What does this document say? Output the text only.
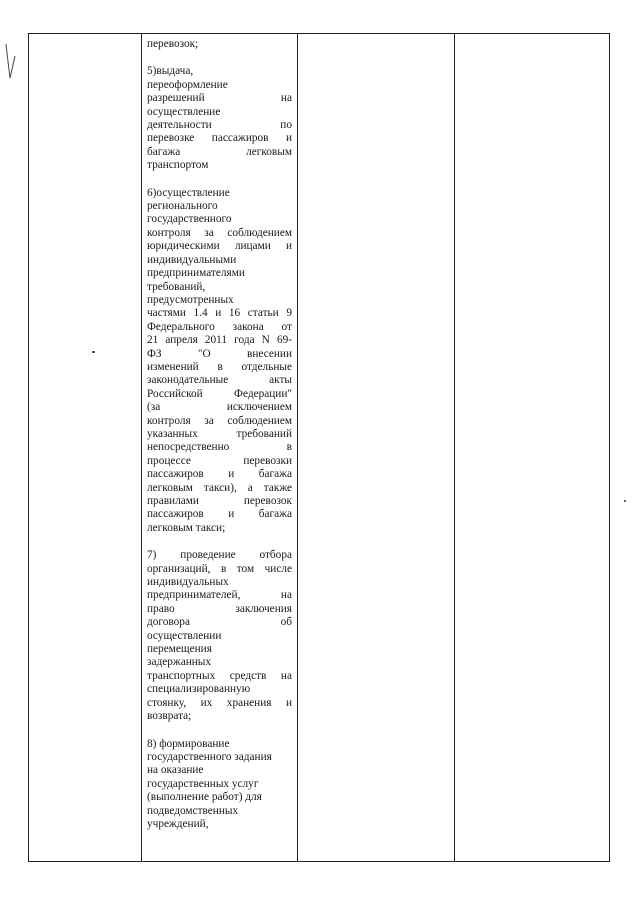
перевозок;

5)выдача,

переоформление

разрешений на

осуществление

деятельности по

перевозке пассажиров и

багажа легковым

транспортом

6)осуществление

регионального

государственного

контроля за соблюдением

юридическими лицами и

индивидуальными

предпринимателями

требований,

предусмотренных

частями 1.4 и 16 статьи 9

Федерального закона от

21 апреля 2011 года N 69-

ФЗ "О внесении

изменений в отдельные

законодательные акты

Российской Федерации"

(за исключением

контроля за соблюдением

указанных требований

непосредственно в

процессе перевозки

пассажиров и багажа

легковым такси), а также

правилами перевозок

пассажиров и багажа

легковым такси;

7) проведение отбора

организаций, в том числе

индивидуальных

предпринимателей, на

право заключения

договора об

осуществлении

перемещения

задержанных

транспортных средств на

специализированную

стоянку, их хранения и

возврата;

8) формирование

государственного задания

на оказание

государственных услуг

(выполнение работ) для

подведомственных

учреждений,
